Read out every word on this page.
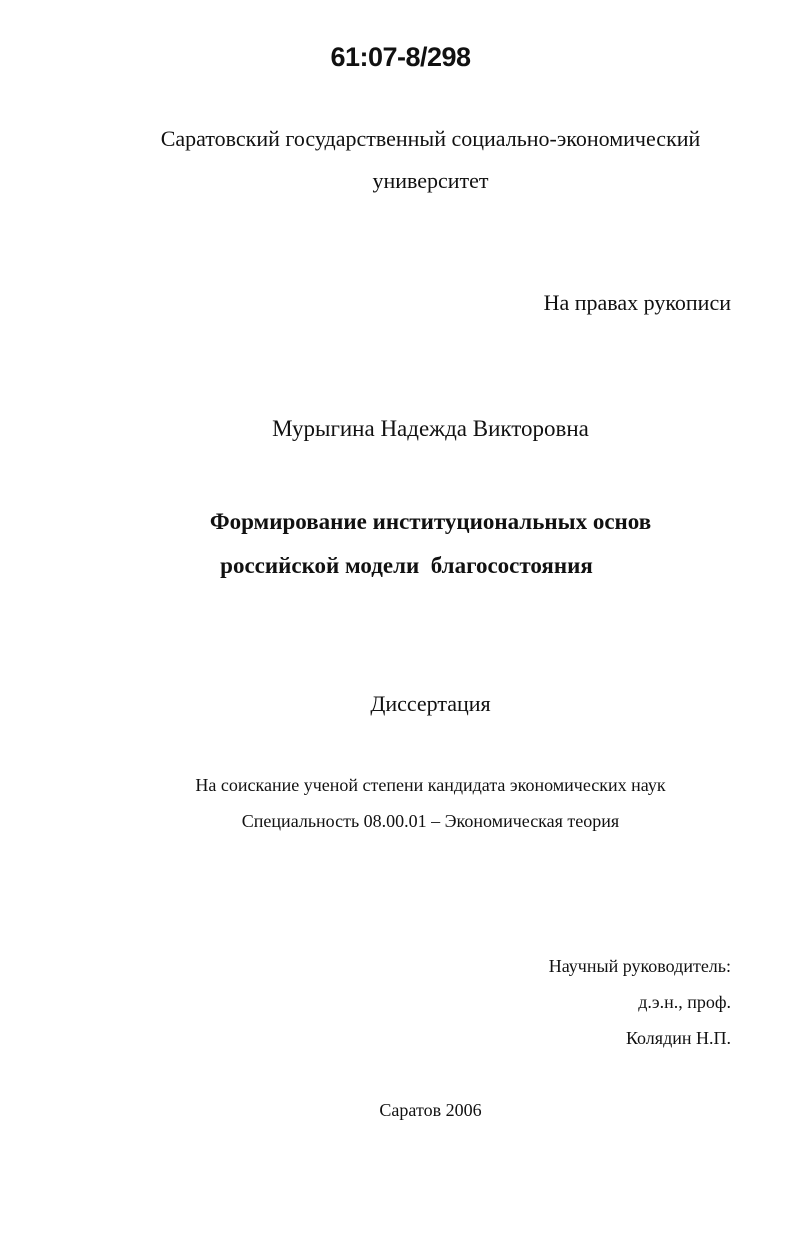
61:07-8/298
Саратовский государственный социально-экономический
университет
На правах рукописи
Мурыгина Надежда Викторовна
Формирование институциональных основ
российской модели  благосостояния
Диссертация
На соискание ученой степени кандидата экономических наук
Специальность 08.00.01 – Экономическая теория
Научный руководитель:
д.э.н., проф.
Колядин Н.П.
Саратов 2006
